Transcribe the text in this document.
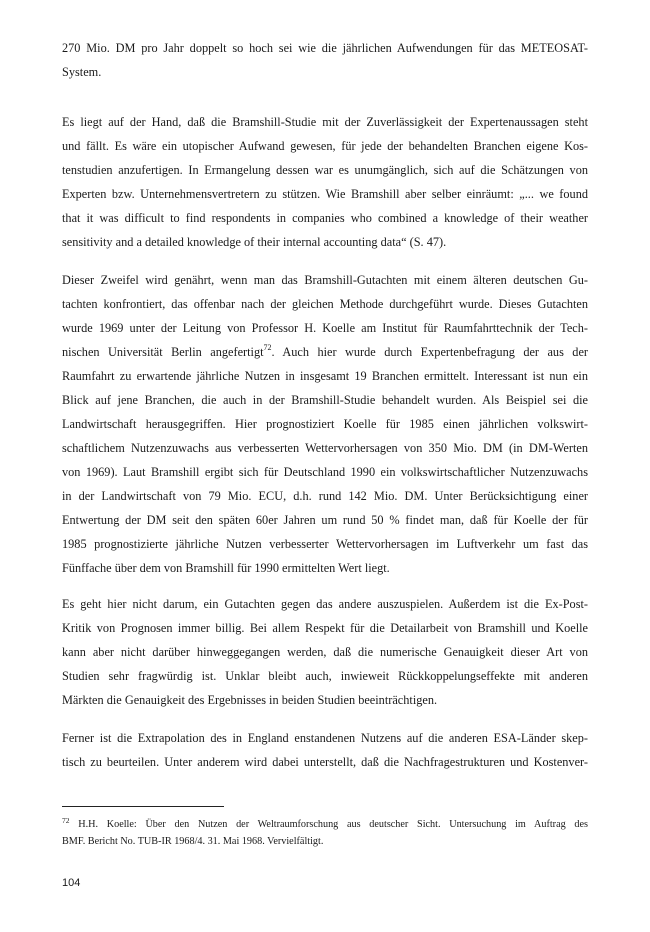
270 Mio. DM pro Jahr doppelt so hoch sei wie die jährlichen Aufwendungen für das METEOSAT-
System.
Es liegt auf der Hand, daß die Bramshill-Studie mit der Zuverlässigkeit der Expertenaussagen steht
und fällt. Es wäre ein utopischer Aufwand gewesen, für jede der behandelten Branchen eigene Kos-
tenstudien anzufertigen. In Ermangelung dessen war es unumgänglich, sich auf die Schätzungen von
Experten bzw. Unternehmensvertretern zu stützen. Wie Bramshill aber selber einräumt: „... we found
that it was difficult to find respondents in companies who combined a knowledge of their weather
sensitivity and a detailed knowledge of their internal accounting data“ (S. 47).
Dieser Zweifel wird genährt, wenn man das Bramshill-Gutachten mit einem älteren deutschen Gu-
tachten konfrontiert, das offenbar nach der gleichen Methode durchgeführt wurde. Dieses Gutachten
wurde 1969 unter der Leitung von Professor H. Koelle am Institut für Raumfahrttechnik der Tech-
nischen Universität Berlin angefertigt$^{72}$. Auch hier wurde durch Expertenbefragung der aus der
Raumfahrt zu erwartende jährliche Nutzen in insgesamt 19 Branchen ermittelt. Interessant ist nun ein
Blick auf jene Branchen, die auch in der Bramshill-Studie behandelt wurden. Als Beispiel sei die
Landwirtschaft herausgegriffen. Hier prognostiziert Koelle für 1985 einen jährlichen volkswirt-
schaftlichem Nutzenzuwachs aus verbesserten Wettervorhersagen von 350 Mio. DM (in DM-Werten
von 1969). Laut Bramshill ergibt sich für Deutschland 1990 ein volkswirtschaftlicher Nutzenzuwachs
in der Landwirtschaft von 79 Mio. ECU, d.h. rund 142 Mio. DM. Unter Berücksichtigung einer
Entwertung der DM seit den späten 60er Jahren um rund 50 % findet man, daß für Koelle der für
1985 prognostizierte jährliche Nutzen verbesserter Wettervorhersagen im Luftverkehr um fast das
Fünffache über dem von Bramshill für 1990 ermittelten Wert liegt.
Es geht hier nicht darum, ein Gutachten gegen das andere auszuspielen. Außerdem ist die Ex-Post-
Kritik von Prognosen immer billig. Bei allem Respekt für die Detailarbeit von Bramshill und Koelle
kann aber nicht darüber hinweggegangen werden, daß die numerische Genauigkeit dieser Art von
Studien sehr fragwürdig ist. Unklar bleibt auch, inwieweit Rückkoppelungseffekte mit anderen
Märkten die Genauigkeit des Ergebnisses in beiden Studien beeinträchtigen.
Ferner ist die Extrapolation des in England enstandenen Nutzens auf die anderen ESA-Länder skep-
tisch zu beurteilen. Unter anderem wird dabei unterstellt, daß die Nachfragestrukturen und Kostenver-
$^{72}$ H.H. Koelle: Über den Nutzen der Weltraumforschung aus deutscher Sicht. Untersuchung im Auftrag des
BMF. Bericht No. TUB-IR 1968/4. 31. Mai 1968. Vervielfältigt.
104
